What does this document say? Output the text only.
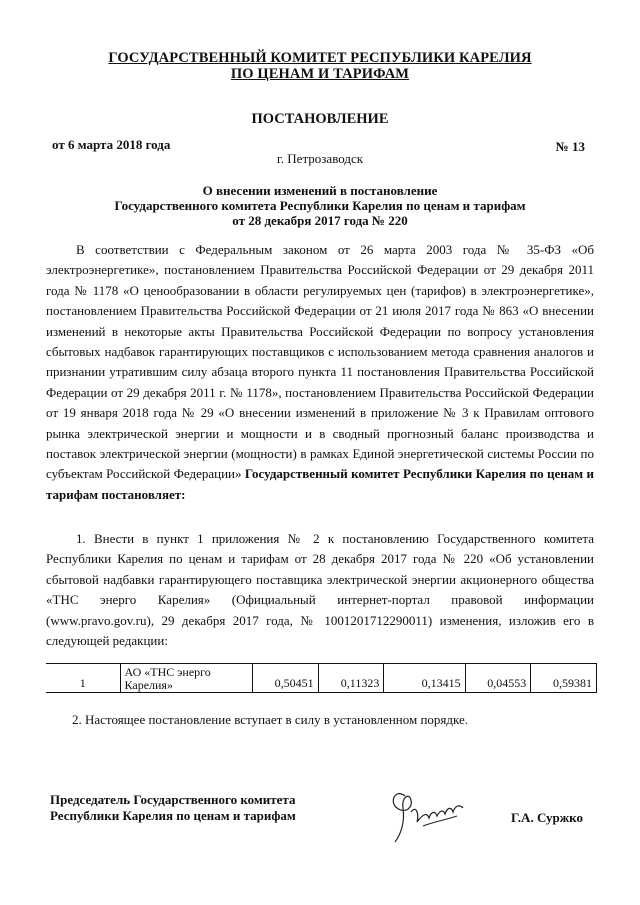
ГОСУДАРСТВЕННЫЙ КОМИТЕТ РЕСПУБЛИКИ КАРЕЛИЯ
ПО ЦЕНАМ И ТАРИФАМ
ПОСТАНОВЛЕНИЕ
от 6 марта 2018 года	№ 13
г. Петрозаводск
О внесении изменений в постановление
Государственного комитета Республики Карелия по ценам и тарифам
от 28 декабря 2017 года № 220
В соответствии с Федеральным законом от 26 марта 2003 года № 35-ФЗ «Об электроэнергетике», постановлением Правительства Российской Федерации от 29 декабря 2011 года № 1178 «О ценообразовании в области регулируемых цен (тарифов) в электроэнергетике», постановлением Правительства Российской Федерации от 21 июля 2017 года № 863 «О внесении изменений в некоторые акты Правительства Российской Федерации по вопросу установления сбытовых надбавок гарантирующих поставщиков с использованием метода сравнения аналогов и признании утратившим силу абзаца второго пункта 11 постановления Правительства Российской Федерации от 29 декабря 2011 г. № 1178», постановлением Правительства Российской Федерации от 19 января 2018 года № 29 «О внесении изменений в приложение № 3 к Правилам оптового рынка электрической энергии и мощности и в сводный прогнозный баланс производства и поставок электрической энергии (мощности) в рамках Единой энергетической системы России по субъектам Российской Федерации» Государственный комитет Республики Карелия по ценам и тарифам постановляет:
1. Внести в пункт 1 приложения № 2 к постановлению Государственного комитета Республики Карелия по ценам и тарифам от 28 декабря 2017 года № 220 «Об установлении сбытовой надбавки гарантирующего поставщика электрической энергии акционерного общества «ТНС энерго Карелия» (Официальный интернет-портал правовой информации (www.pravo.gov.ru), 29 декабря 2017 года, № 1001201712290011) изменения, изложив его в следующей редакции:
1	АО «ТНС энерго Карелия»	0,50451	0,11323	0,13415	0,04553	0,59381
2. Настоящее постановление вступает в силу в установленном порядке.
Председатель Государственного комитета
Республики Карелия по ценам и тарифам	Г.А. Суржко
